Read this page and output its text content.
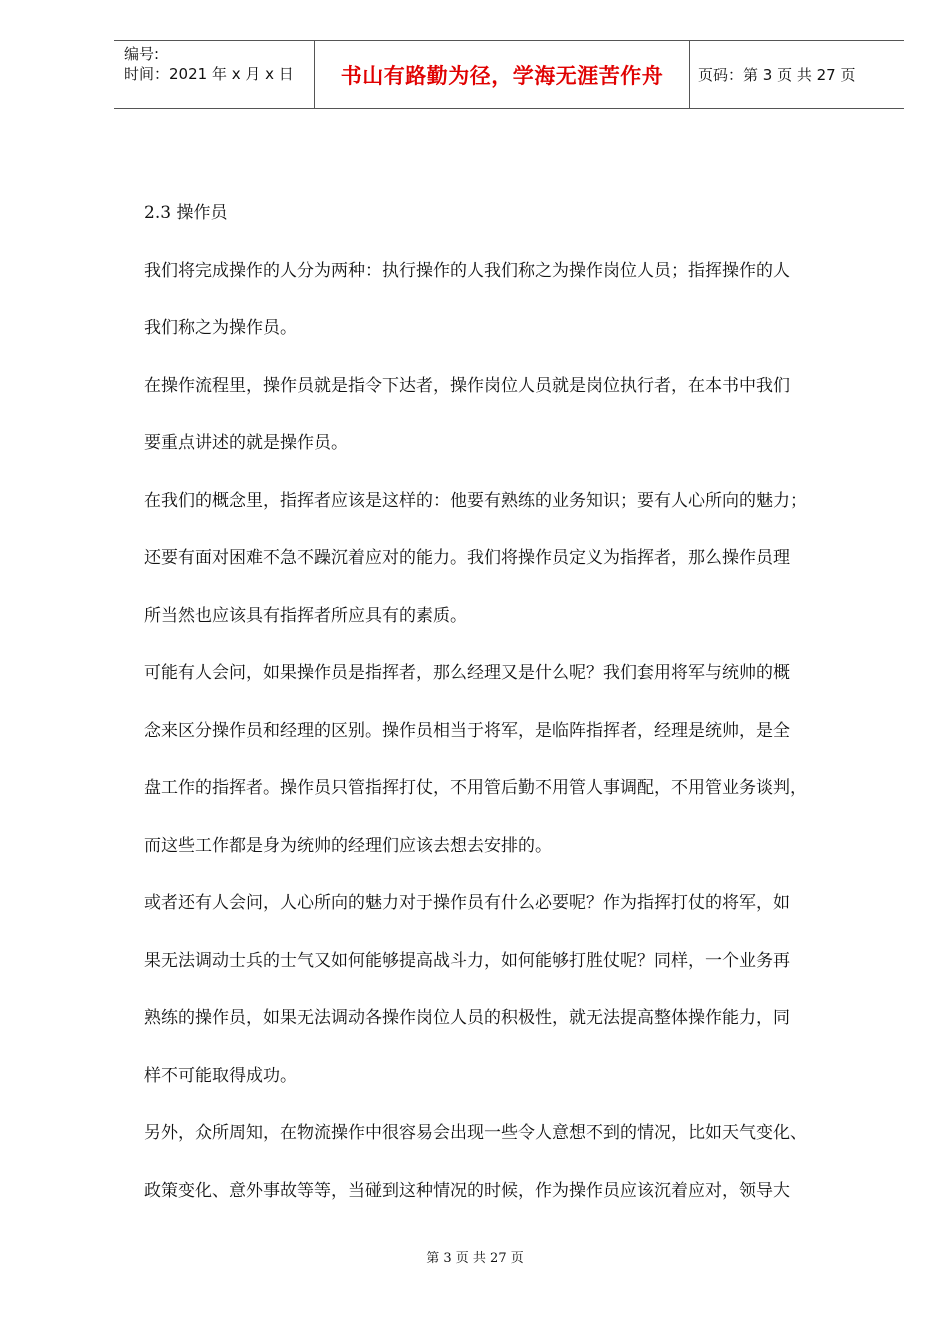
编号:
时间：2021 年 x 月 x 日	书山有路勤为径，学海无涯苦作舟	页码：第 3 页 共 27 页

2.3 操作员

我们将完成操作的人分为两种：执行操作的人我们称之为操作岗位人员；指挥操作的人

我们称之为操作员。

在操作流程里，操作员就是指令下达者，操作岗位人员就是岗位执行者，在本书中我们

要重点讲述的就是操作员。

在我们的概念里，指挥者应该是这样的：他要有熟练的业务知识；要有人心所向的魅力；

还要有面对困难不急不躁沉着应对的能力。我们将操作员定义为指挥者，那么操作员理

所当然也应该具有指挥者所应具有的素质。

可能有人会问，如果操作员是指挥者，那么经理又是什么呢？我们套用将军与统帅的概

念来区分操作员和经理的区别。操作员相当于将军，是临阵指挥者，经理是统帅，是全

盘工作的指挥者。操作员只管指挥打仗，不用管后勤不用管人事调配，不用管业务谈判，

而这些工作都是身为统帅的经理们应该去想去安排的。

或者还有人会问，人心所向的魅力对于操作员有什么必要呢？作为指挥打仗的将军，如

果无法调动士兵的士气又如何能够提高战斗力，如何能够打胜仗呢？同样，一个业务再

熟练的操作员，如果无法调动各操作岗位人员的积极性，就无法提高整体操作能力，同

样不可能取得成功。

另外，众所周知，在物流操作中很容易会出现一些令人意想不到的情况，比如天气变化、

政策变化、意外事故等等，当碰到这种情况的时候，作为操作员应该沉着应对，领导大

第 3 页 共 27 页
